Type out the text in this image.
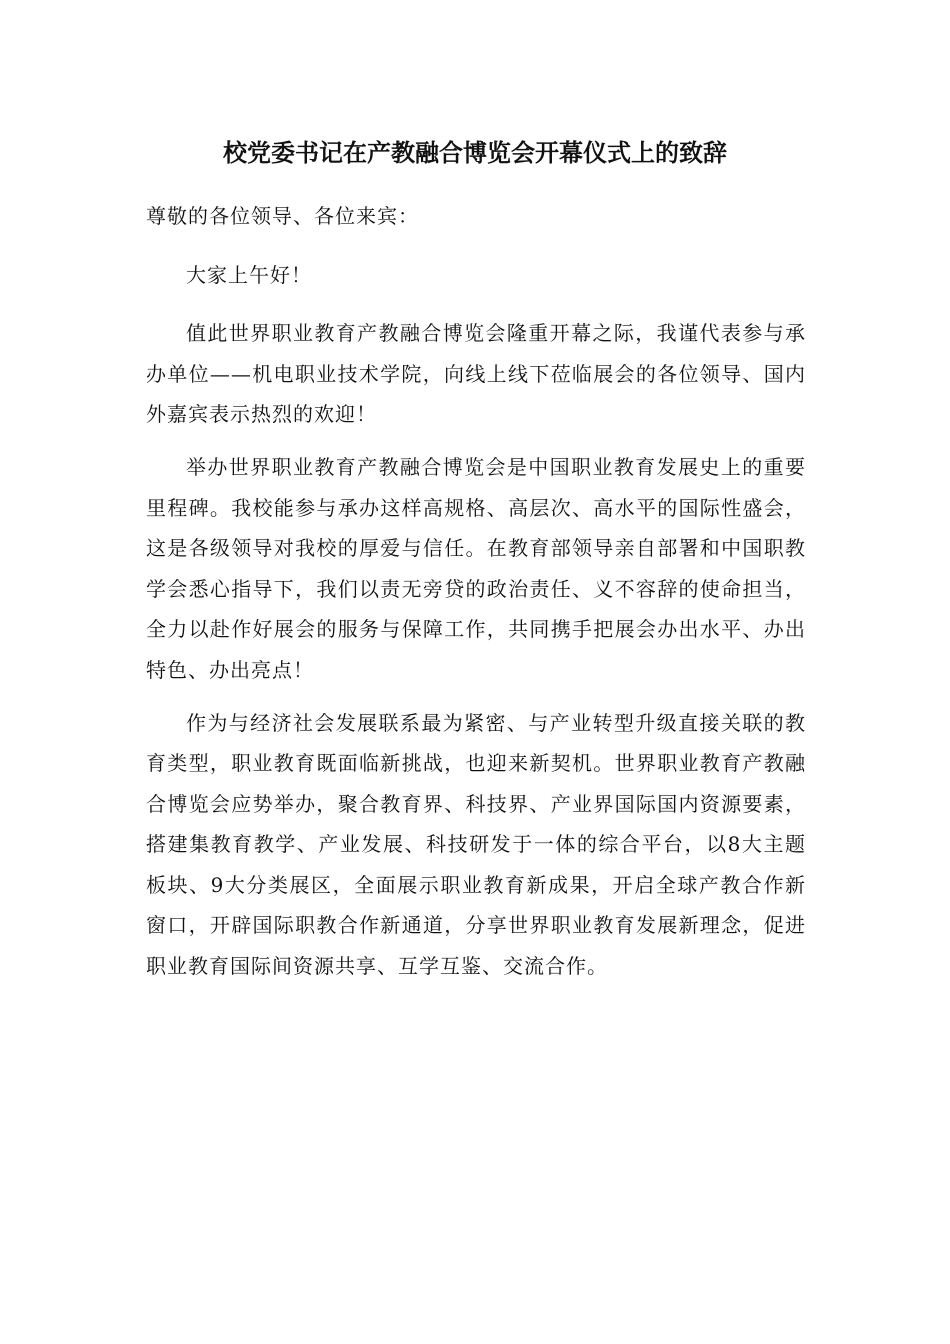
校党委书记在产教融合博览会开幕仪式上的致辞

尊敬的各位领导、各位来宾：

大家上午好！

值此世界职业教育产教融合博览会隆重开幕之际，我谨代表参与承办单位——机电职业技术学院，向线上线下莅临展会的各位领导、国内外嘉宾表示热烈的欢迎！

举办世界职业教育产教融合博览会是中国职业教育发展史上的重要里程碑。我校能参与承办这样高规格、高层次、高水平的国际性盛会，这是各级领导对我校的厚爱与信任。在教育部领导亲自部署和中国职教学会悉心指导下，我们以责无旁贷的政治责任、义不容辞的使命担当，全力以赴作好展会的服务与保障工作，共同携手把展会办出水平、办出特色、办出亮点！

作为与经济社会发展联系最为紧密、与产业转型升级直接关联的教育类型，职业教育既面临新挑战，也迎来新契机。世界职业教育产教融合博览会应势举办，聚合教育界、科技界、产业界国际国内资源要素，搭建集教育教学、产业发展、科技研发于一体的综合平台，以8大主题板块、9大分类展区，全面展示职业教育新成果，开启全球产教合作新窗口，开辟国际职教合作新通道，分享世界职业教育发展新理念，促进职业教育国际间资源共享、互学互鉴、交流合作。
